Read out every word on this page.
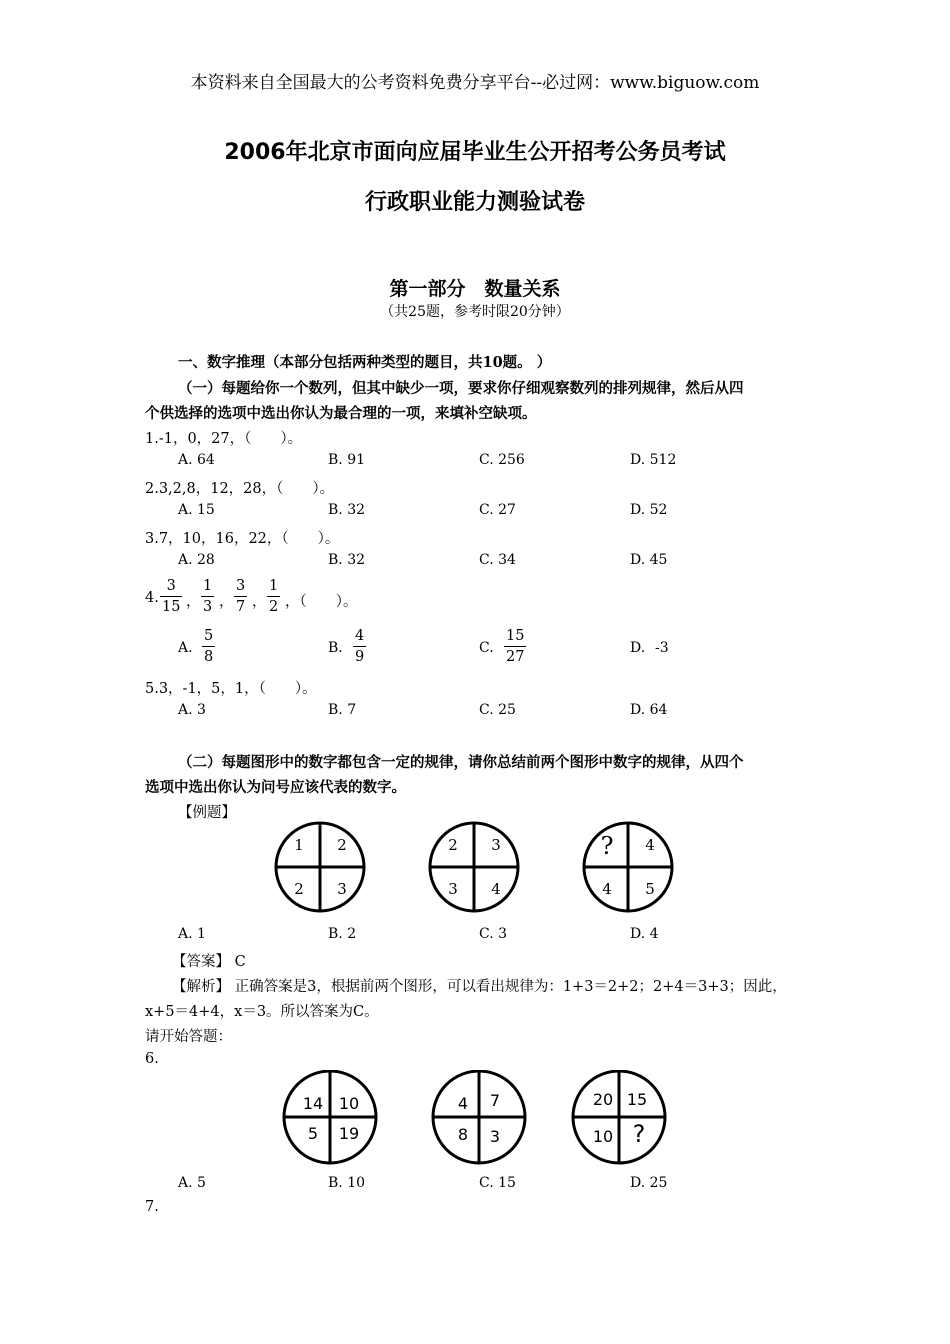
本资料来自全国最大的公考资料免费分享平台--必过网：www.biguow.com
2006年北京市面向应届毕业生公开招考公务员考试
行政职业能力测验试卷
第一部分　数量关系
（共25题，参考时限20分钟）
一、数字推理（本部分包括两种类型的题目，共10题。 ）
（一）每题给你一个数列，但其中缺少一项，要求你仔细观察数列的排列规律，然后从四
个供选择的选项中选出你认为最合理的一项，来填补空缺项。
1.-1，0，27，（　　）。
A. 64	B. 91	C. 256	D. 512
2.3,2,8，12，28，（　　）。
A. 15	B. 32	C. 27	D. 52
3.7，10，16，22，（　　）。
A. 28	B. 32	C. 34	D. 45
4.
3
15 ，
1
3 ，
3
7 ，
1
2 ，（　　）。
A.
5
8
B.
4
9
C.
15
27
D. -3
5.3，-1，5，1，（　　）。
A. 3	B. 7	C. 25	D. 64
（二）每题图形中的数字都包含一定的规律，请你总结前两个图形中数字的规律，从四个
选项中选出你认为问号应该代表的数字。
【例题】
1 2
2 3
2 3
3 4
? 4
4 5
A. 1	B. 2	C. 3	D. 4
【答案】 C
【解析】 正确答案是3，根据前两个图形，可以看出规律为：1+3＝2+2；2+4＝3+3；因此，
x+5＝4+4，x＝3。所以答案为C。
请开始答题：
6.
14 10
5 19
4 7
8 3
20 15
10 ?
A. 5	B. 10	C. 15	D. 25
7.
